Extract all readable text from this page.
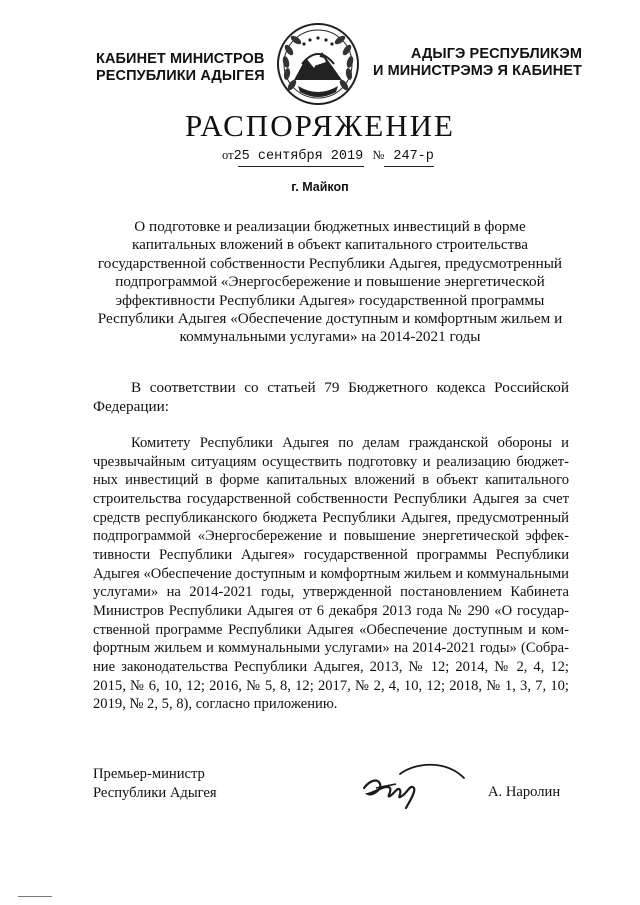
КАБИНЕТ МИНИСТРОВ
РЕСПУБЛИКИ АДЫГЕЯ
АДЫГЭ РЕСПУБЛИКЭМ
И МИНИСТРЭМЭ Я КАБИНЕТ
РАСПОРЯЖЕНИЕ
от25 сентября 2019 № 247-р
г. Майкоп
О подготовке и реализации бюджетных инвестиций в форме капитальных вложений в объект капитального строительства государственной собственности Республики Адыгея, предусмотренный подпрограммой «Энергосбережение и повышение энергетической эффективности Республики Адыгея» государственной программы Республики Адыгея «Обеспечение доступным и комфортным жильем и коммунальными услугами» на 2014-2021 годы
В соответствии со статьей 79 Бюджетного кодекса Российской Федерации:
Комитету Республики Адыгея по делам гражданской обороны и чрезвычайным ситуациям осуществить подготовку и реализацию бюджетных инвестиций в форме капитальных вложений в объект капитального строительства государственной собственности Республики Адыгея за счет средств республиканского бюджета Республики Адыгея, предусмотренный подпрограммой «Энергосбережение и повышение энергетической эффективности Республики Адыгея» государственной программы Республики Адыгея «Обеспечение доступным и комфортным жильем и коммунальными услугами» на 2014-2021 годы, утвержденной постановлением Кабинета Министров Республики Адыгея от 6 декабря 2013 года № 290 «О государственной программе Республики Адыгея «Обеспечение доступным и комфортным жильем и коммунальными услугами» на 2014-2021 годы» (Собрание законодательства Республики Адыгея, 2013, № 12; 2014, № 2, 4, 12; 2015, № 6, 10, 12; 2016, № 5, 8, 12; 2017, № 2, 4, 10, 12; 2018, № 1, 3, 7, 10; 2019, № 2, 5, 8), согласно приложению.
Премьер-министр
Республики Адыгея	А. Наролин
